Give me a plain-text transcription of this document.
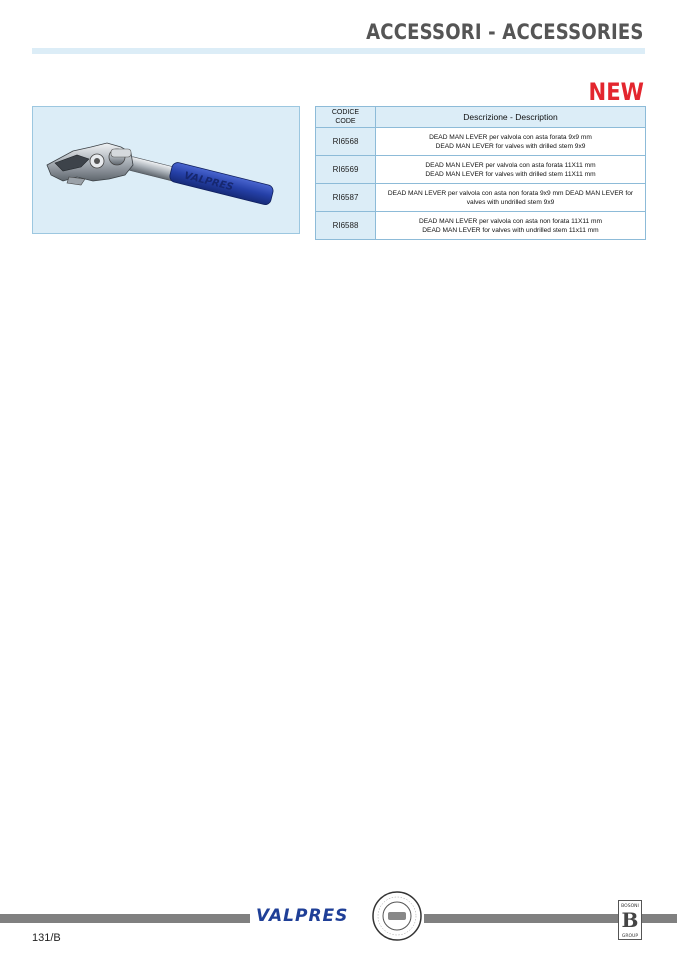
ACCESSORI - ACCESSORIES
NEW
VALPRES
CODICE
CODE	Descrizione - Description
RI6568	DEAD MAN LEVER per valvola con asta forata 9x9 mm
DEAD MAN LEVER for valves with drilled stem 9x9
RI6569	DEAD MAN LEVER per valvola con asta forata 11X11 mm
DEAD MAN LEVER for valves with drilled stem 11X11 mm
RI6587	DEAD MAN LEVER per valvola con asta non forata 9x9 mm DEAD MAN LEVER for
valves with undrilled stem 9x9
RI6588	DEAD MAN LEVER per valvola con asta non forata 11X11 mm
DEAD MAN LEVER for valves with undrilled stem 11x11 mm
VALPRES	BOSONI
B
GROUP
131/B
